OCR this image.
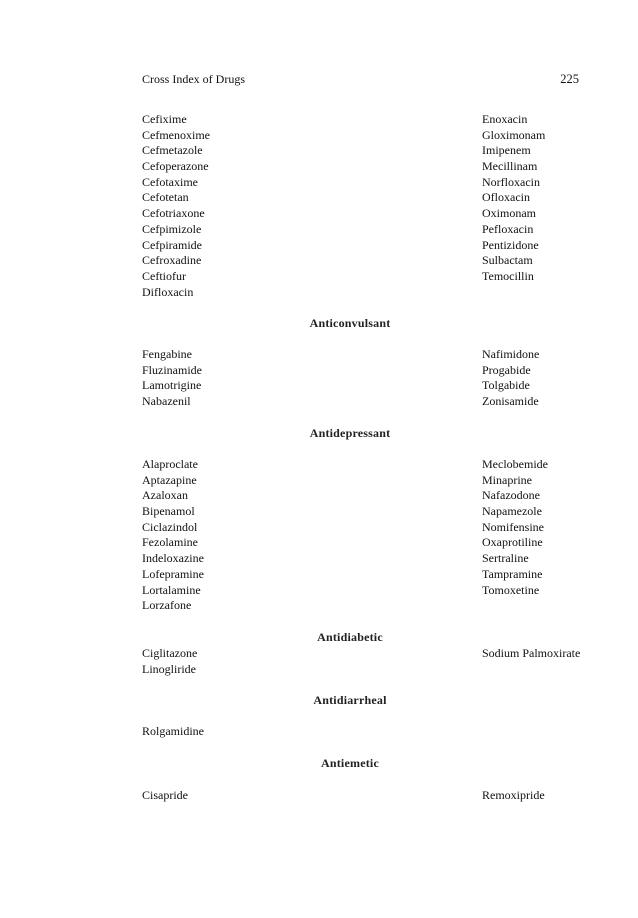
Cross Index of Drugs	225
Cefixime
Cefmenoxime
Cefmetazole
Cefoperazone
Cefotaxime
Cefotetan
Cefotriaxone
Cefpimizole
Cefpiramide
Cefroxadine
Ceftiofur
Difloxacin
Enoxacin
Gloximonam
Imipenem
Mecillinam
Norfloxacin
Ofloxacin
Oximonam
Pefloxacin
Pentizidone
Sulbactam
Temocillin
Anticonvulsant
Fengabine
Fluzinamide
Lamotrigine
Nabazenil
Nafimidone
Progabide
Tolgabide
Zonisamide
Antidepressant
Alaproclate
Aptazapine
Azaloxan
Bipenamol
Ciclazindol
Fezolamine
Indeloxazine
Lofepramine
Lortalamine
Lorzafone
Meclobemide
Minaprine
Nafazodone
Napamezole
Nomifensine
Oxaprotiline
Sertraline
Tampramine
Tomoxetine
Antidiabetic
Ciglitazone
Linogliride
Sodium Palmoxirate
Antidiarrheal
Rolgamidine
Antiemetic
Cisapride	Remoxipride
